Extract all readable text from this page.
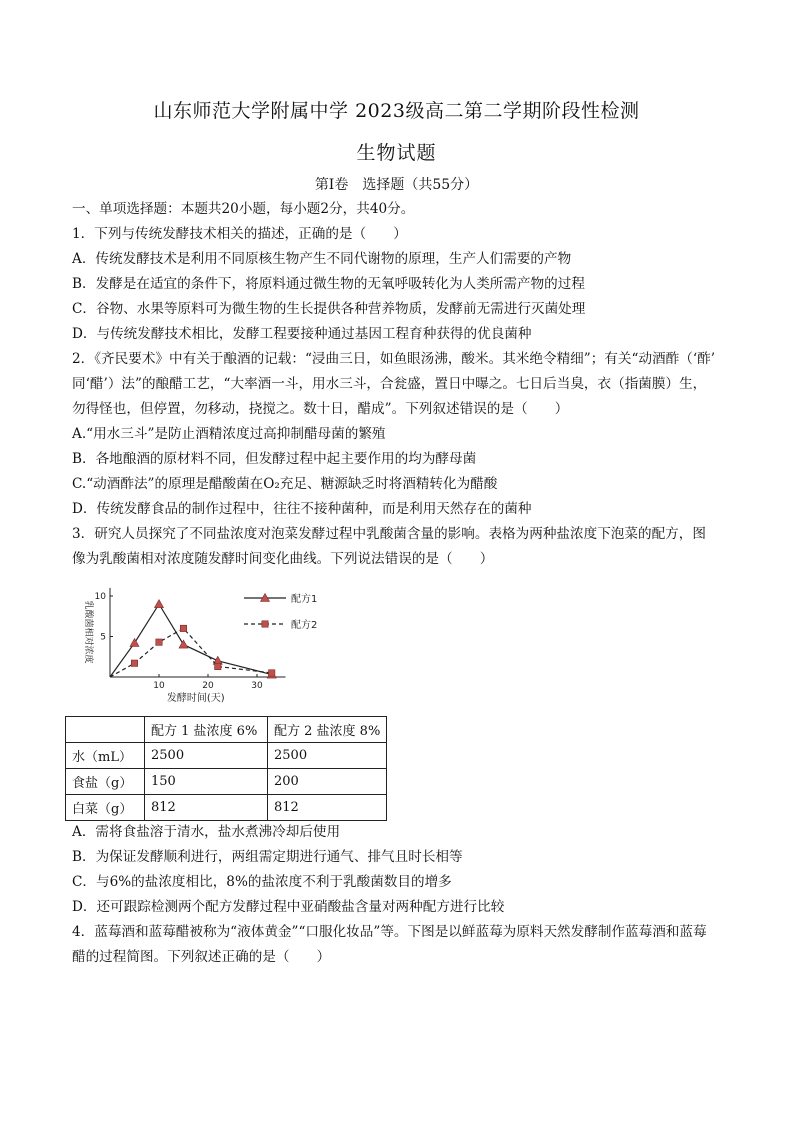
山东师范大学附属中学 2023级高二第二学期阶段性检测
生物试题
第I卷　选择题（共55分）
一、单项选择题：本题共20小题，每小题2分，共40分。
1．下列与传统发酵技术相关的描述，正确的是（　　）
A．传统发酵技术是利用不同原核生物产生不同代谢物的原理，生产人们需要的产物
B．发酵是在适宜的条件下，将原料通过微生物的无氧呼吸转化为人类所需产物的过程
C．谷物、水果等原料可为微生物的生长提供各种营养物质，发酵前无需进行灭菌处理
D．与传统发酵技术相比，发酵工程要接种通过基因工程育种获得的优良菌种
2．《齐民要术》中有关于酿酒的记载：“浸曲三日，如鱼眼汤沸，酸米。其米绝令精细”；有关“动酒酢（‘酢’
同‘醋’）法”的酿醋工艺，“大率酒一斗，用水三斗，合瓮盛，置日中曝之。七日后当臭，衣（指菌膜）生，
勿得怪也，但停置，勿移动，挠搅之。数十日，醋成”。下列叙述错误的是（　　）
A.“用水三斗”是防止酒精浓度过高抑制醋母菌的繁殖
B．各地酿酒的原材料不同，但发酵过程中起主要作用的均为酵母菌
C.“动酒酢法”的原理是醋酸菌在O₂充足、糖源缺乏时将酒精转化为醋酸
D．传统发酵食品的制作过程中，往往不接种菌种，而是利用天然存在的菌种
3．研究人员探究了不同盐浓度对泡菜发酵过程中乳酸菌含量的影响。表格为两种盐浓度下泡菜的配方，图
像为乳酸菌相对浓度随发酵时间变化曲线。下列说法错误的是（　　）
10	20	30
5
10
发酵时间(天)
乳酸菌相对浓度
配方1
配方2
	配方 1 盐浓度 6%	配方 2 盐浓度 8%
水（mL）	2500	2500
食盐（g）	150	200
白菜（g）	812	812
A．需将食盐溶于清水，盐水煮沸冷却后使用
B．为保证发酵顺利进行，两组需定期进行通气、排气且时长相等
C．与6%的盐浓度相比，8%的盐浓度不利于乳酸菌数目的增多
D．还可跟踪检测两个配方发酵过程中亚硝酸盐含量对两种配方进行比较
4．蓝莓酒和蓝莓醋被称为“液体黄金”“口服化妆品”等。下图是以鲜蓝莓为原料天然发酵制作蓝莓酒和蓝莓
醋的过程简图。下列叙述正确的是（　　）
